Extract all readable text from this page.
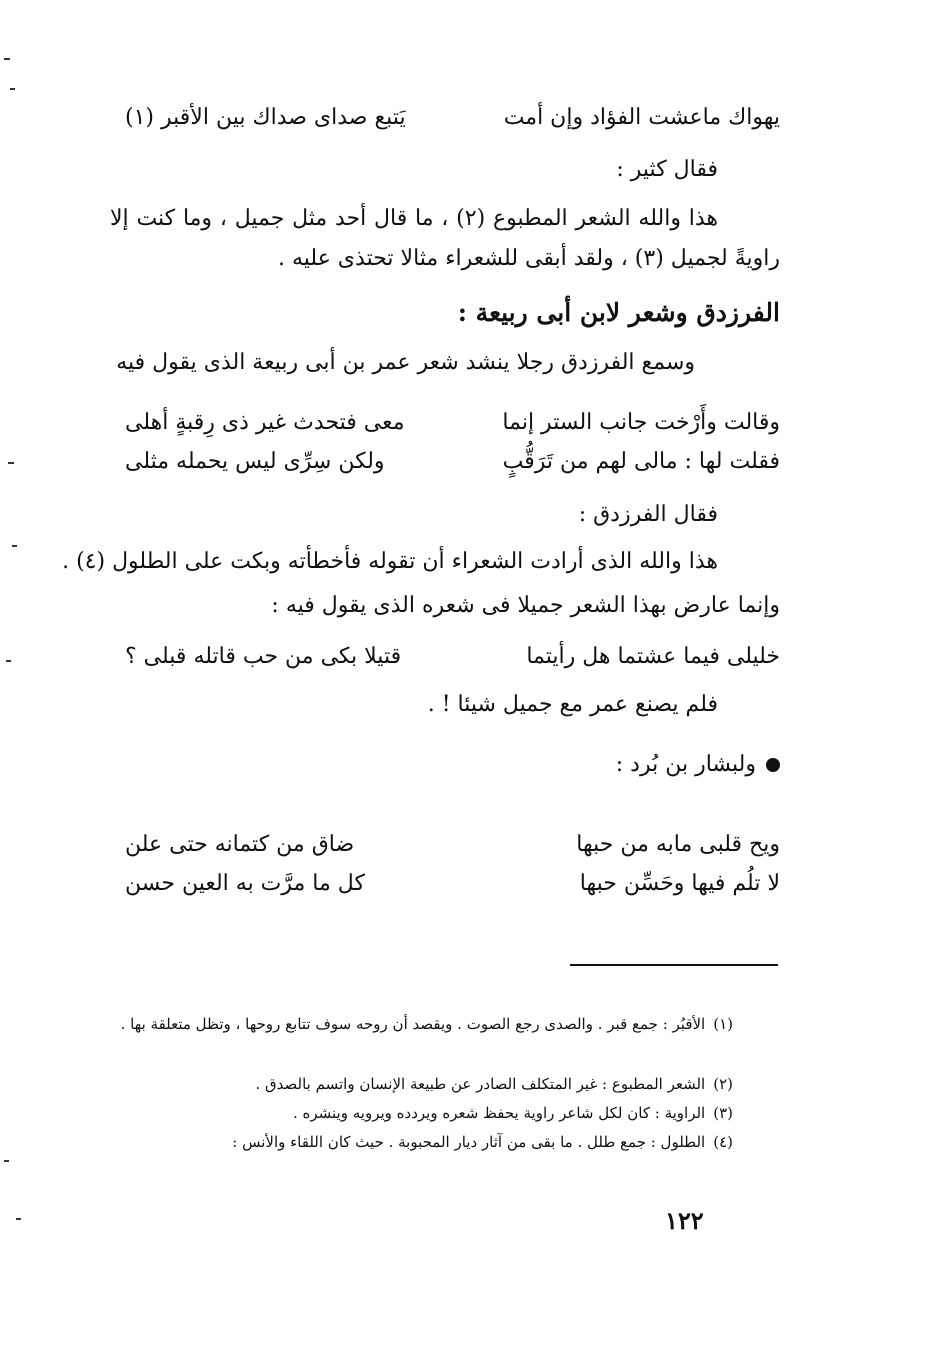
يهواك ماعشت الفؤاد وإن أمت
يَتبع صداى صداك بين الأقبر (١)
فقال كثير :
هذا والله الشعر المطبوع (٢) ، ما قال أحد مثل جميل ، وما كنت إلا راويةً لجميل (٣) ، ولقد أبقى للشعراء مثالا تحتذى عليه .
الفرزدق وشعر لابن أبى ربيعة :
وسمع الفرزدق رجلا ينشد شعر عمر بن أبى ربيعة الذى يقول فيه
وقالت وأَرْخت جانب الستر إنما
معى فتحدث غير ذى رِقبةٍ أهلى
فقلت لها : مالى لهم من تَرَقُّبٍ
ولكن سِرِّى ليس يحمله مثلى
فقال الفرزدق :
هذا والله الذى أرادت الشعراء أن تقوله فأخطأته وبكت على الطلول (٤) .
وإنما عارض بهذا الشعر جميلا فى شعره الذى يقول فيه :
خليلى فيما عشتما هل رأيتما
قتيلا بكى من حب قاتله قبلى ؟
فلم يصنع عمر مع جميل شيئا ! .
ولبشار بن بُرد :
ويح قلبى مابه من حبها
ضاق من كتمانه حتى علن
لا تلُم فيها وحَسِّن حبها
كل ما مرَّت به العين حسن
(١)الأقبُر : جمع قبر . والصدى رجع الصوت . ويقصد أن روحه سوف تتابع روحها ، وتظل متعلقة بها .
(٢)الشعر المطبوع : غير المتكلف الصادر عن طبيعة الإنسان واتسم بالصدق .
(٣)الراوية : كان لكل شاعر راوية يحفظ شعره ويردده ويرويه وينشره .
(٤)الطلول : جمع طلل . ما بقى من آثار ديار المحبوبة . حيث كان اللقاء والأنس :
١٢٢
